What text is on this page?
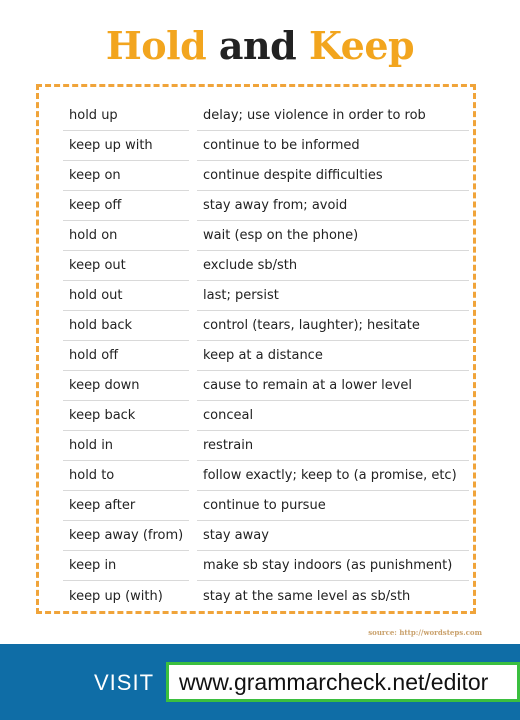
Hold and Keep
hold up	delay; use violence in order to rob
keep up with	continue to be informed
keep on	continue despite difficulties
keep off	stay away from; avoid
hold on	wait (esp on the phone)
keep out	exclude sb/sth
hold out	last; persist
hold back	control (tears, laughter); hesitate
hold off	keep at a distance
keep down	cause to remain at a lower level
keep back	conceal
hold in	restrain
hold to	follow exactly; keep to (a promise, etc)
keep after	continue to pursue
keep away (from)	stay away
keep in	make sb stay indoors (as punishment)
keep up (with)	stay at the same level as sb/sth
source: http://wordsteps.com
VISIT www.grammarcheck.net/editor
